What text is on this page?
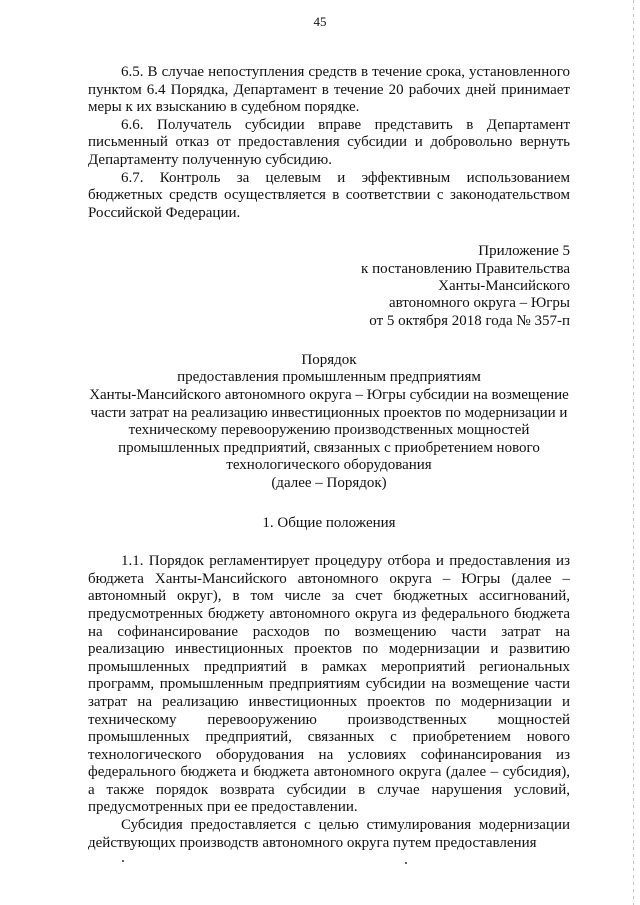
45

6.5. В случае непоступления средств в течение срока, установленного пунктом 6.4 Порядка, Департамент в течение 20 рабочих дней принимает меры к их взысканию в судебном порядке.

6.6. Получатель субсидии вправе представить в Департамент письменный отказ от предоставления субсидии и добровольно вернуть Департаменту полученную субсидию.

6.7. Контроль за целевым и эффективным использованием бюджетных средств осуществляется в соответствии с законодательством Российской Федерации.

Приложение 5
к постановлению Правительства
Ханты-Мансийского
автономного округа – Югры
от 5 октября 2018 года № 357-п
Порядок
предоставления промышленным предприятиям
Ханты-Мансийского автономного округа – Югры субсидии на возмещение
части затрат на реализацию инвестиционных проектов по модернизации и
техническому перевооружению производственных мощностей
промышленных предприятий, связанных с приобретением нового
технологического оборудования
(далее – Порядок)
1. Общие положения

1.1. Порядок регламентирует процедуру отбора и предоставления из бюджета Ханты-Мансийского автономного округа – Югры (далее – автономный округ), в том числе за счет бюджетных ассигнований, предусмотренных бюджету автономного округа из федерального бюджета на софинансирование расходов по возмещению части затрат на реализацию инвестиционных проектов по модернизации и развитию промышленных предприятий в рамках мероприятий региональных программ, промышленным предприятиям субсидии на возмещение части затрат на реализацию инвестиционных проектов по модернизации и техническому перевооружению производственных мощностей промышленных предприятий, связанных с приобретением нового технологического оборудования на условиях софинансирования из федерального бюджета и бюджета автономного округа (далее – субсидия), а также порядок возврата субсидии в случае нарушения условий, предусмотренных при ее предоставлении.

Субсидия предоставляется с целью стимулирования модернизации действующих производств автономного округа путем предоставления
